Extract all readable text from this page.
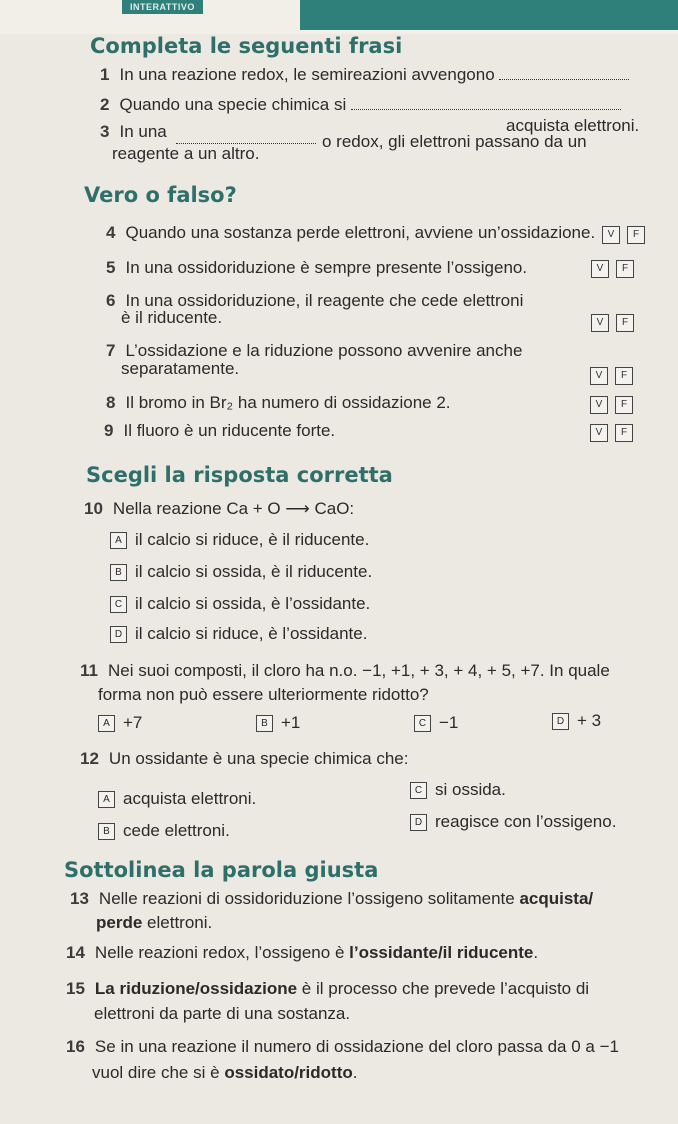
INTERATTIVO
Completa le seguenti frasi
1 In una reazione redox, le semireazioni avvengono
2 Quando una specie chimica si
acquista elettroni.
3 In una
o redox, gli elettroni passano da un
reagente a un altro.
Vero o falso?
4 Quando una sostanza perde elettroni, avviene un’ossidazione.	V	F
5 In una ossidoriduzione è sempre presente l’ossigeno.	V	F
6 In una ossidoriduzione, il reagente che cede elettroni
è il riducente.	V	F
7 L’ossidazione e la riduzione possono avvenire anche
separatamente.	V	F
8 Il bromo in Br₂ ha numero di ossidazione 2.	V	F
9 Il fluoro è un riducente forte.	V	F
Scegli la risposta corretta
10 Nella reazione Ca + O ⟶ CaO:
A il calcio si riduce, è il riducente.
B il calcio si ossida, è il riducente.
C il calcio si ossida, è l’ossidante.
D il calcio si riduce, è l’ossidante.
11 Nei suoi composti, il cloro ha n.o. −1, +1, + 3, + 4, + 5, +7. In quale
forma non può essere ulteriormente ridotto?
A +7	B +1	C −1	D + 3
12 Un ossidante è una specie chimica che:
A acquista elettroni.
B cede elettroni.
C si ossida.
D reagisce con l’ossigeno.
Sottolinea la parola giusta
13 Nelle reazioni di ossidoriduzione l’ossigeno solitamente acquista/
perde elettroni.
14 Nelle reazioni redox, l’ossigeno è l’ossidante/il riducente.
15 La riduzione/ossidazione è il processo che prevede l’acquisto di
elettroni da parte di una sostanza.
16 Se in una reazione il numero di ossidazione del cloro passa da 0 a −1
vuol dire che si è ossidato/ridotto.
